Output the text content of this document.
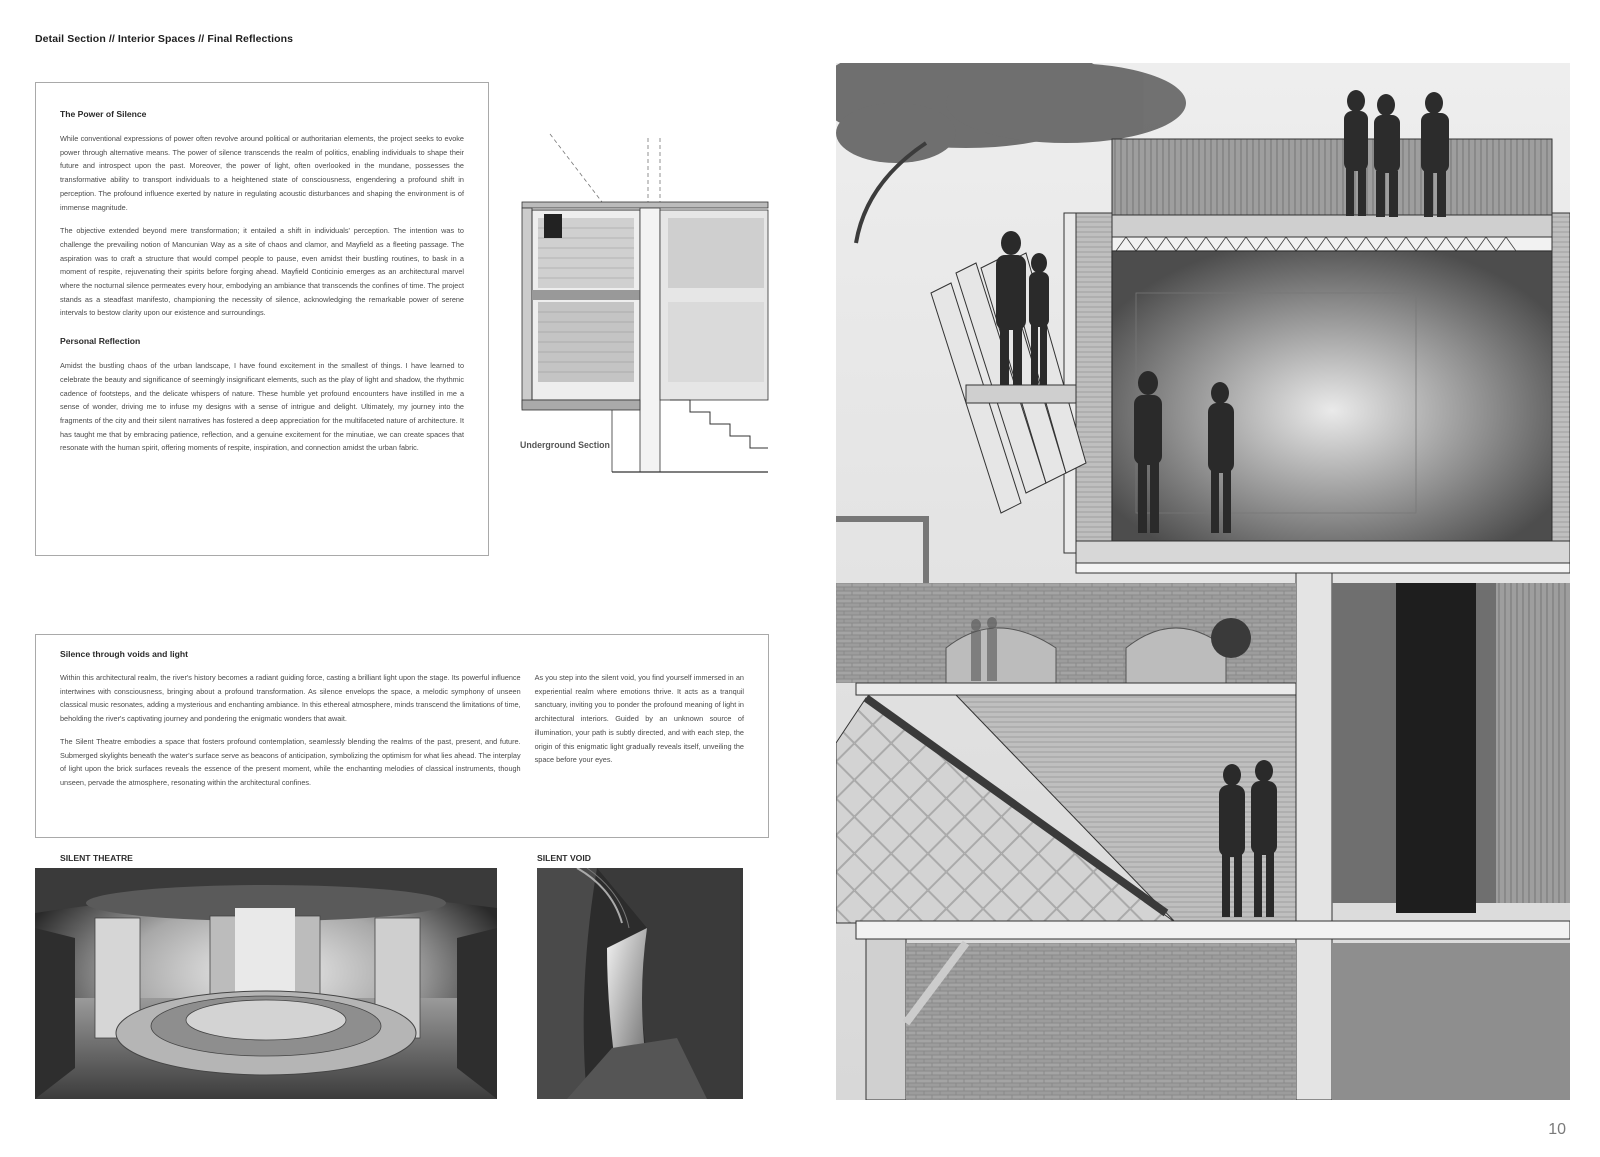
Detail Section // Interior Spaces // Final Reflections
The Power of Silence

While conventional expressions of power often revolve around political or authoritarian elements, the project seeks to evoke power through alternative means. The power of silence transcends the realm of politics, enabling individuals to shape their future and introspect upon the past. Moreover, the power of light, often overlooked in the mundane, possesses the transformative ability to transport individuals to a heightened state of consciousness, engendering a profound shift in perception. The profound influence exerted by nature in regulating acoustic disturbances and shaping the environment is of immense magnitude.

The objective extended beyond mere transformation; it entailed a shift in individuals' perception. The intention was to challenge the prevailing notion of Mancunian Way as a site of chaos and clamor, and Mayfield as a fleeting passage. The aspiration was to craft a structure that would compel people to pause, even amidst their bustling routines, to bask in a moment of respite, rejuvenating their spirits before forging ahead. Mayfield Conticinio emerges as an architectural marvel where the nocturnal silence permeates every hour, embodying an ambiance that transcends the confines of time. The project stands as a steadfast manifesto, championing the necessity of silence, acknowledging the remarkable power of serene intervals to bestow clarity upon our existence and surroundings.

Personal Reflection

Amidst the bustling chaos of the urban landscape, I have found excitement in the smallest of things. I have learned to celebrate the beauty and significance of seemingly insignificant elements, such as the play of light and shadow, the rhythmic cadence of footsteps, and the delicate whispers of nature. These humble yet profound encounters have instilled in me a sense of wonder, driving me to infuse my designs with a sense of intrigue and delight. Ultimately, my journey into the fragments of the city and their silent narratives has fostered a deep appreciation for the multifaceted nature of architecture. It has taught me that by embracing patience, reflection, and a genuine excitement for the minutiae, we can create spaces that resonate with the human spirit, offering moments of respite, inspiration, and connection amidst the urban fabric.	Underground Section
Silence through voids and light

Within this architectural realm, the river's history becomes a radiant guiding force, casting a brilliant light upon the stage. Its powerful influence intertwines with consciousness, bringing about a profound transformation. As silence envelops the space, a melodic symphony of unseen classical music resonates, adding a mysterious and enchanting ambiance. In this ethereal atmosphere, minds transcend the limitations of time, beholding the river's captivating journey and pondering the enigmatic wonders that await.

The Silent Theatre embodies a space that fosters profound contemplation, seamlessly blending the realms of the past, present, and future. Submerged skylights beneath the water's surface serve as beacons of anticipation, symbolizing the optimism for what lies ahead. The interplay of light upon the brick surfaces reveals the essence of the present moment, while the enchanting melodies of classical instruments, though unseen, pervade the atmosphere, resonating within the architectural confines.

As you step into the silent void, you find yourself immersed in an experiential realm where emotions thrive. It acts as a tranquil sanctuary, inviting you to ponder the profound meaning of light in architectural interiors. Guided by an unknown source of illumination, your path is subtly directed, and with each step, the origin of this enigmatic light gradually reveals itself, unveiling the space before your eyes.

SILENT THEATRE	SILENT VOID
10
